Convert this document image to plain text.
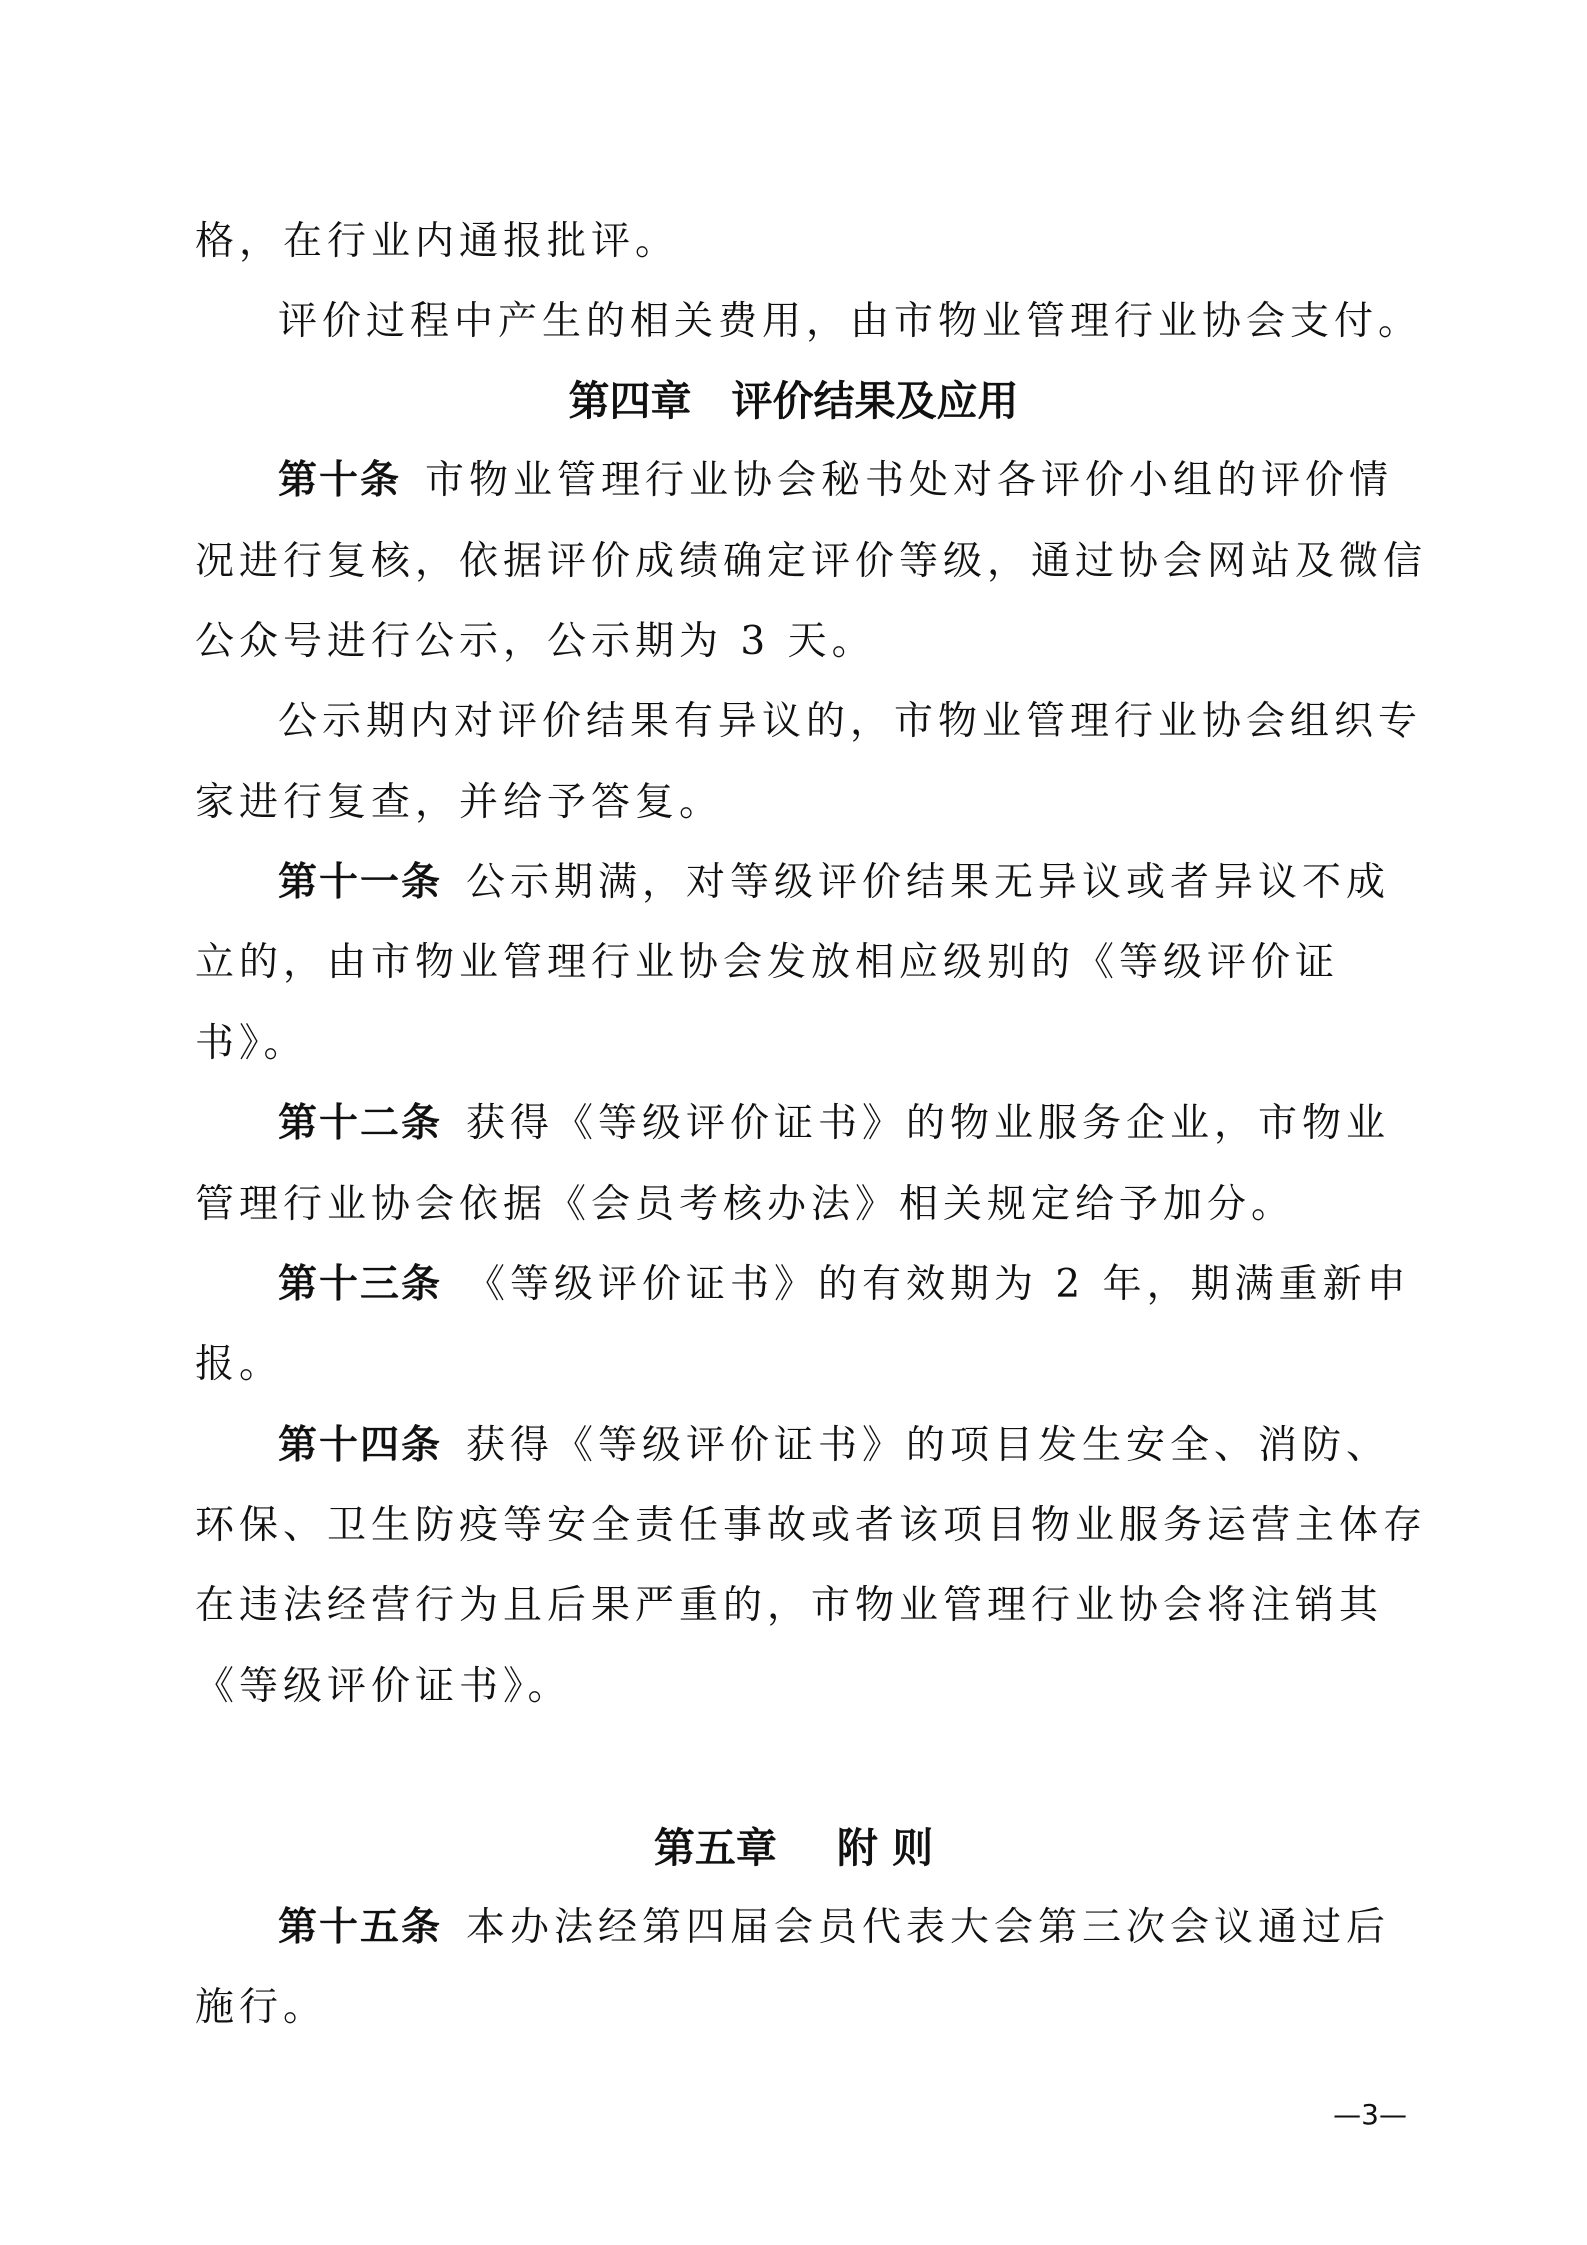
格，在行业内通报批评。

评价过程中产生的相关费用，由市物业管理行业协会支付。

第四章 评价结果及应用

第十条 市物业管理行业协会秘书处对各评价小组的评价情

况进行复核，依据评价成绩确定评价等级，通过协会网站及微信

公众号进行公示，公示期为 3 天。

公示期内对评价结果有异议的，市物业管理行业协会组织专

家进行复查，并给予答复。

第十一条 公示期满，对等级评价结果无异议或者异议不成

立的，由市物业管理行业协会发放相应级别的《等级评价证

书》。

第十二条 获得《等级评价证书》的物业服务企业，市物业

管理行业协会依据《会员考核办法》相关规定给予加分。

第十三条 《等级评价证书》的有效期为 2 年，期满重新申

报。

第十四条 获得《等级评价证书》的项目发生安全、消防、

环保、卫生防疫等安全责任事故或者该项目物业服务运营主体存

在违法经营行为且后果严重的，市物业管理行业协会将注销其

《等级评价证书》。

第五章 附 则

第十五条 本办法经第四届会员代表大会第三次会议通过后

施行。

—3—
